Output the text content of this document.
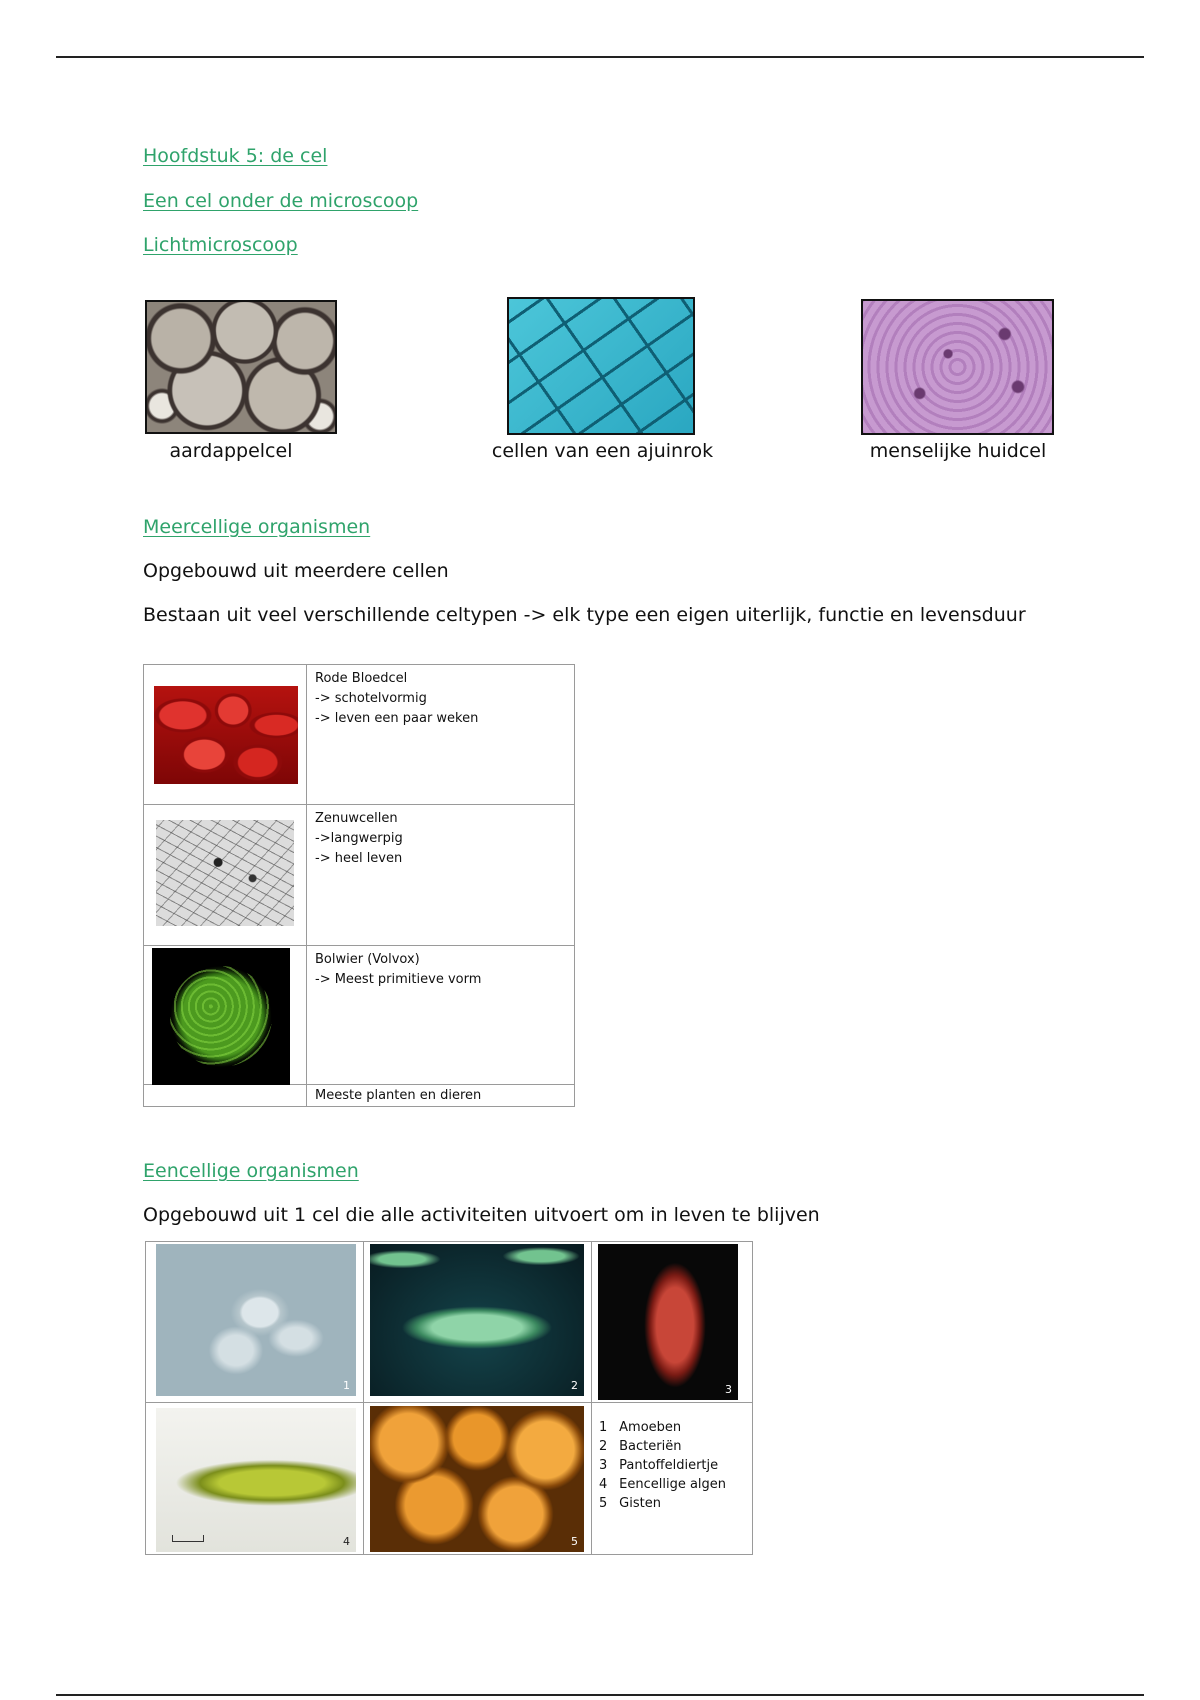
Hoofdstuk 5: de cel
Een cel onder de microscoop
Lichtmicroscoop
aardappelcel	cellen van een ajuinrok	menselijke huidcel
Meercellige organismen
Opgebouwd uit meerdere cellen
Bestaan uit veel verschillende celtypen -> elk type een eigen uiterlijk, functie en levensduur

	Rode Bloedcel
-> schotelvormig
-> leven een paar weken

	Zenuwcellen
->langwerpig
-> heel leven

	Bolwier (Volvox)
-> Meest primitieve vorm

	Meeste planten en dieren
Eencellige organismen
Opgebouwd uit 1 cel die alle activiteiten uitvoert om in leven te blijven
1	2	3
4	5
1 Amoeben
2 Bacteriën
3 Pantoffeldiertje
4 Eencellige algen
5 Gisten
